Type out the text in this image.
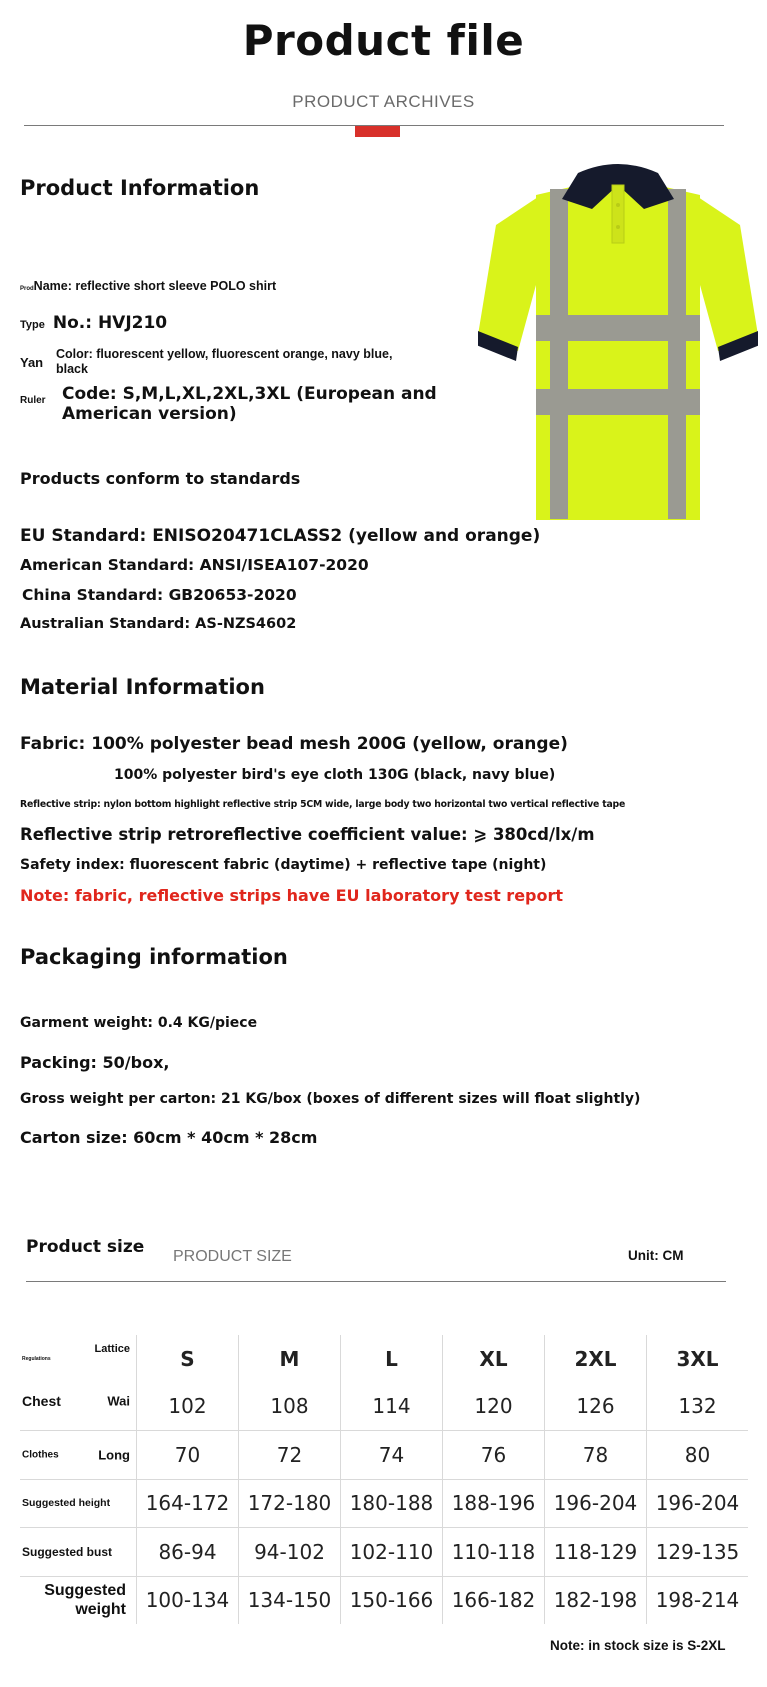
Product file
PRODUCT ARCHIVES
Product Information
Prod Name: reflective short sleeve POLO shirt
Type No.: HVJ210
Yan
Color: fluorescent yellow, fluorescent orange, navy blue, black
Ruler Code: S,M,L,XL,2XL,3XL (European and American version)
Products conform to standards
EU Standard: ENISO20471CLASS2 (yellow and orange)
American Standard: ANSI/ISEA107-2020
China Standard: GB20653-2020
Australian Standard: AS-NZS4602
Material Information
Fabric: 100% polyester bead mesh 200G (yellow, orange)
100% polyester bird's eye cloth 130G (black, navy blue)
Reflective strip: nylon bottom highlight reflective strip 5CM wide, large body two horizontal two vertical reflective tape
Reflective strip retroreflective coefficient value: ⩾ 380cd/lx/m
Safety index: fluorescent fabric (daytime) + reflective tape (night)
Note: fabric, reflective strips have EU laboratory test report
Packaging information
Garment weight: 0.4 KG/piece
Packing: 50/box,
Gross weight per carton: 21 KG/box (boxes of different sizes will float slightly)
Carton size: 60cm * 40cm * 28cm
Product size PRODUCT SIZE	Unit: CM
Regulations
Lattice	S	M	L	XL	2XL	3XL

Chest Wai	102	108	114	120	126	132

Clothes Long	70	72	74	76	78	80

Suggested height	164-172	172-180	180-188	188-196	196-204	196-204

Suggested bust	86-94	94-102	102-110	110-118	118-129	129-135

Suggested weight	100-134	134-150	150-166	166-182	182-198	198-214
Note: in stock size is S-2XL
